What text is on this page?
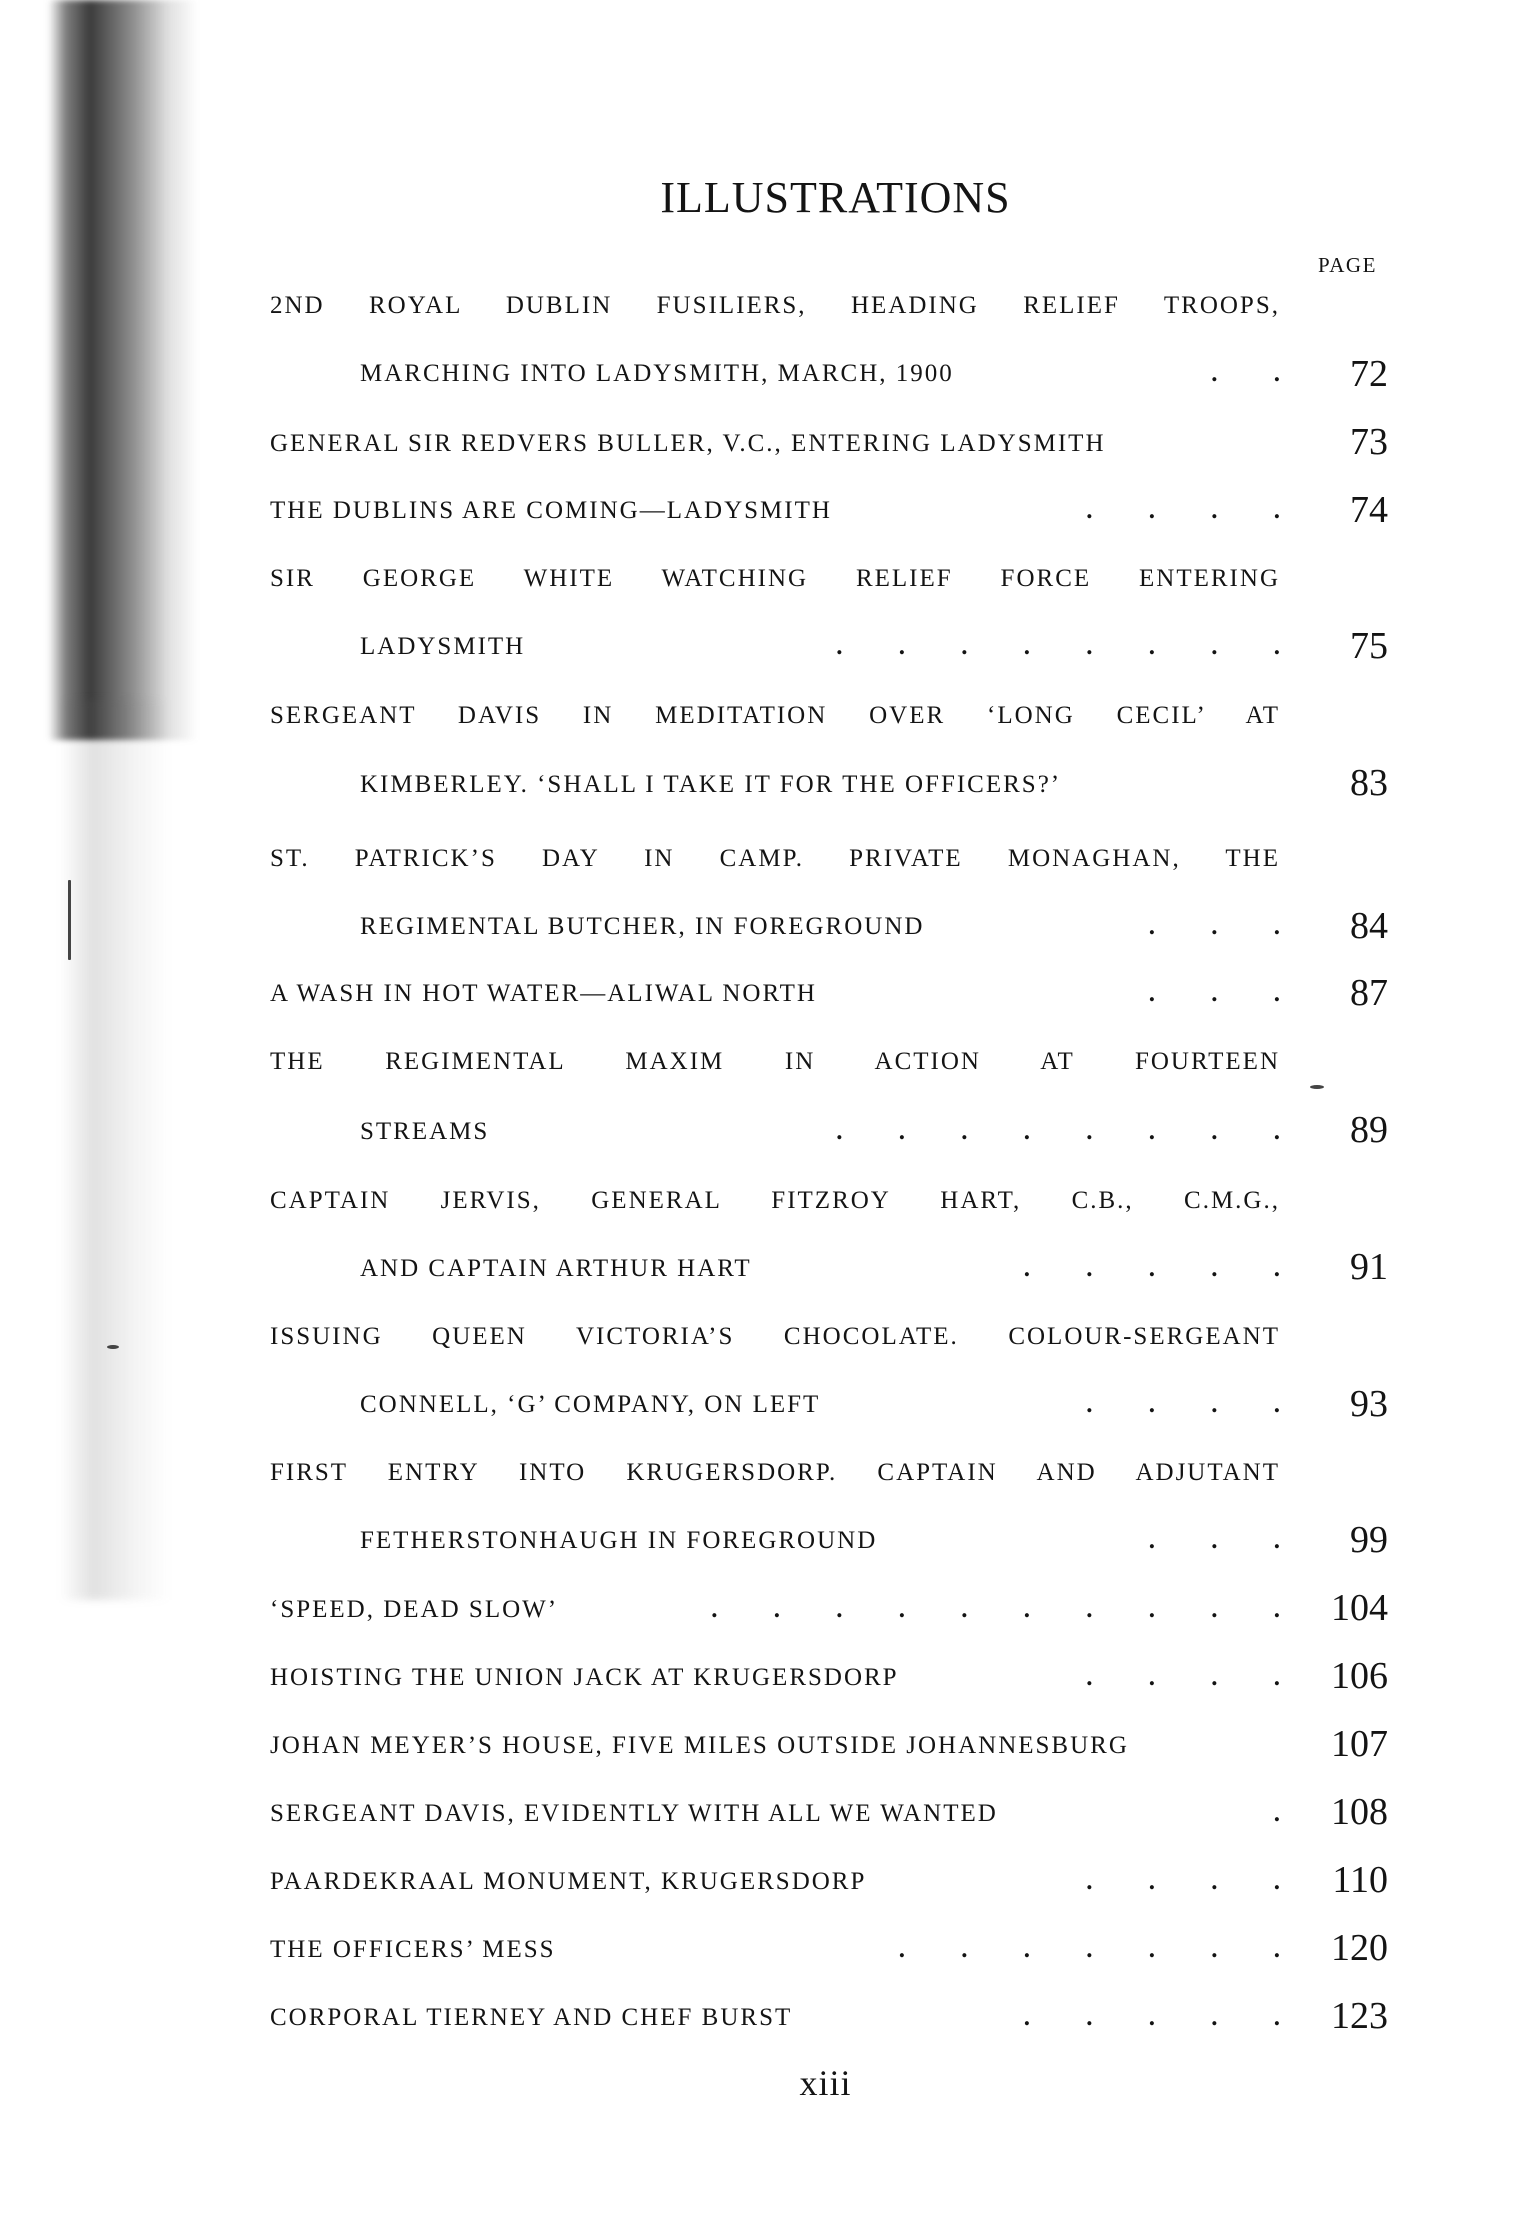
ILLUSTRATIONS
PAGE
2ND ROYAL DUBLIN FUSILIERS, HEADING RELIEF TROOPS,
MARCHING INTO LADYSMITH, MARCH, 1900	.         .	72
GENERAL SIR REDVERS BULLER, V.C., ENTERING LADYSMITH	73
THE DUBLINS ARE COMING—LADYSMITH	.         .         .         .	74
SIR GEORGE WHITE WATCHING RELIEF FORCE ENTERING
LADYSMITH	.         .         .         .         .         .         .         .	75
SERGEANT DAVIS IN MEDITATION OVER ‘LONG CECIL’ AT
KIMBERLEY. ‘SHALL I TAKE IT FOR THE OFFICERS?’	83
ST. PATRICK’S DAY IN CAMP. PRIVATE MONAGHAN, THE
REGIMENTAL BUTCHER, IN FOREGROUND	.         .         .	84
A WASH IN HOT WATER—ALIWAL NORTH	.         .         .	87
THE REGIMENTAL MAXIM IN ACTION AT FOURTEEN
STREAMS	.         .         .         .         .         .         .         .	89
CAPTAIN JERVIS, GENERAL FITZROY HART, C.B., C.M.G.,
AND CAPTAIN ARTHUR HART	.         .         .         .         .	91
ISSUING QUEEN VICTORIA’S CHOCOLATE. COLOUR-SERGEANT
CONNELL, ‘G’ COMPANY, ON LEFT	.         .         .         .	93
FIRST ENTRY INTO KRUGERSDORP. CAPTAIN AND ADJUTANT
FETHERSTONHAUGH IN FOREGROUND	.         .         .	99
‘SPEED, DEAD SLOW’	.         .         .         .         .         .         .         .         .         .	104
HOISTING THE UNION JACK AT KRUGERSDORP	.         .         .         .	106
JOHAN MEYER’S HOUSE, FIVE MILES OUTSIDE JOHANNESBURG	107
SERGEANT DAVIS, EVIDENTLY WITH ALL WE WANTED	.	108
PAARDEKRAAL MONUMENT, KRUGERSDORP	.         .         .         .	110
THE OFFICERS’ MESS	.         .         .         .         .         .         .	120
CORPORAL TIERNEY AND CHEF BURST	.         .         .         .         .	123
xiii
